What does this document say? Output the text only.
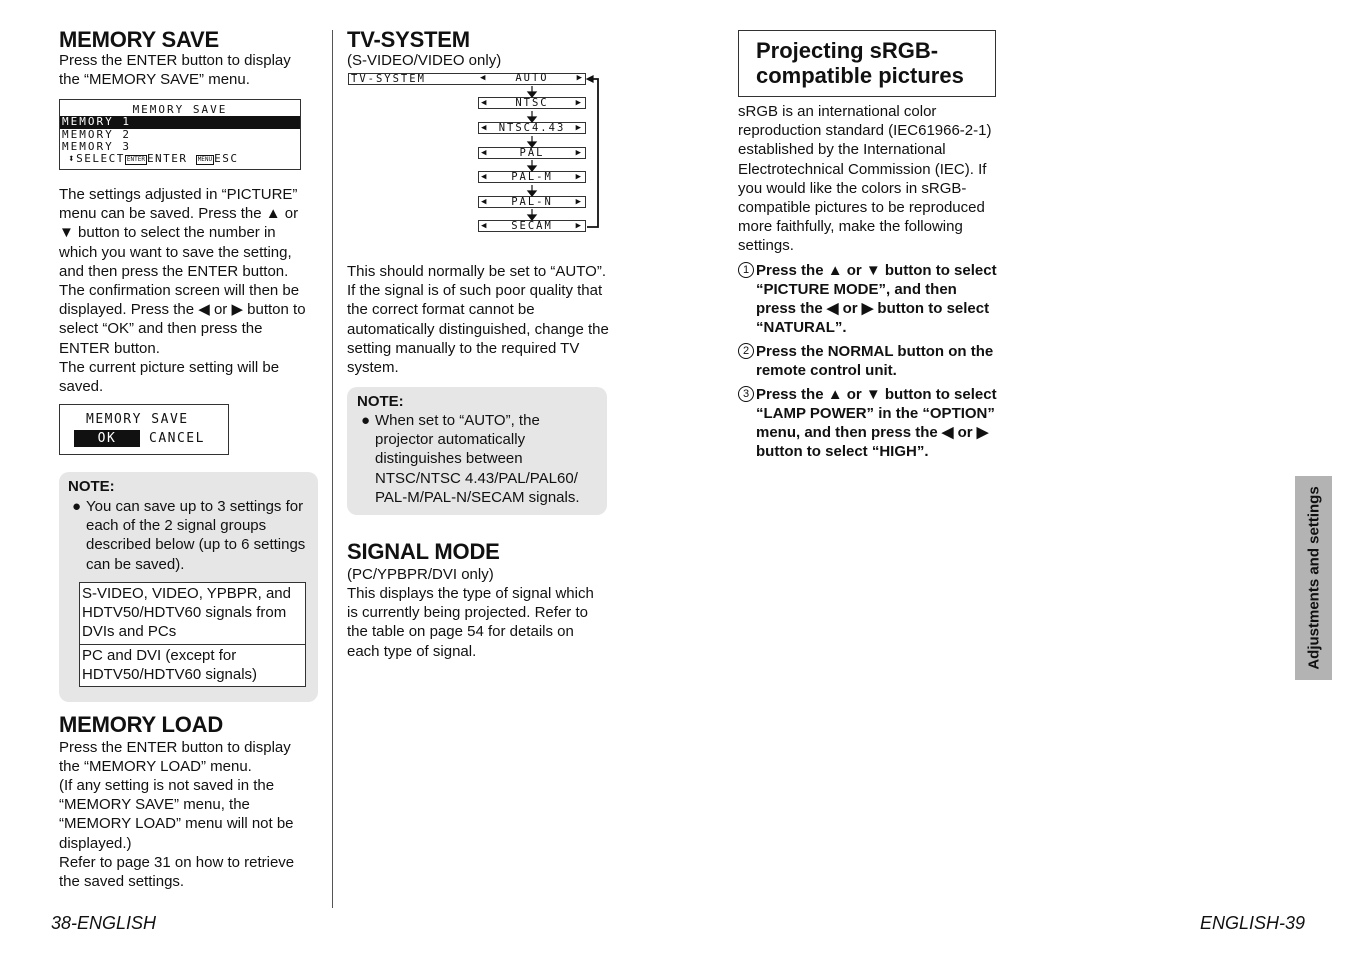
MEMORY SAVE

Press the ENTER button to display the “MEMORY SAVE” menu.

MEMORY SAVE
MEMORY 1
MEMORY 2
MEMORY 3
⬍SELECT ENTER ENTER MENU ESC

The settings adjusted in “PICTURE” menu can be saved. Press the ▲ or ▼ button to select the number in which you want to save the setting, and then press the ENTER button.

The confirmation screen will then be displayed. Press the ◀ or ▶ button to select “OK” and then press the ENTER button.

The current picture setting will be saved.

MEMORY SAVE
OK	CANCEL
NOTE:
● You can save up to 3 settings for each of the 2 signal groups described below (up to 6 settings can be saved).
S-VIDEO, VIDEO, YPBPR, and HDTV50/HDTV60 signals from DVIs and PCs
PC and DVI (except for HDTV50/HDTV60 signals)
MEMORY LOAD

Press the ENTER button to display the “MEMORY LOAD” menu.

(If any setting is not saved in the “MEMORY SAVE” menu, the “MEMORY LOAD” menu will not be displayed.)

Refer to page 31 on how to retrieve the saved settings.

TV-SYSTEM

(S-VIDEO/VIDEO only)

TV-SYSTEM	◀	AUTO	▶
◀	NTSC	▶
◀ NTSC4.43 ▶
◀	PAL	▶
◀ PAL-M	▶
◀ PAL-N	▶
◀ SECAM	▶

This should normally be set to “AUTO”. If the signal is of such poor quality that the correct format cannot be automatically distinguished, change the setting manually to the required TV system.

NOTE:
● When set to “AUTO”, the projector automatically distinguishes between NTSC/NTSC 4.43/PAL/PAL60/ PAL-M/PAL-N/SECAM signals.
SIGNAL MODE

(PC/YPBPR/DVI only)

This displays the type of signal which is currently being projected. Refer to the table on page 54 for details on each type of signal.

Projecting sRGB-
compatible pictures

sRGB is an international color reproduction standard (IEC61966-2-1) established by the International Electrotechnical Commission (IEC). If you would like the colors in sRGB-compatible pictures to be reproduced more faithfully, make the following settings.

1 Press the ▲ or ▼ button to select “PICTURE MODE”, and then press the ◀ or ▶ button to select “NATURAL”.
2 Press the NORMAL button on the remote control unit.
3 Press the ▲ or ▼ button to select “LAMP POWER” in the “OPTION” menu, and then press the ◀ or ▶ button to select “HIGH”.
38-ENGLISH	ENGLISH-39
Adjustments and settings
